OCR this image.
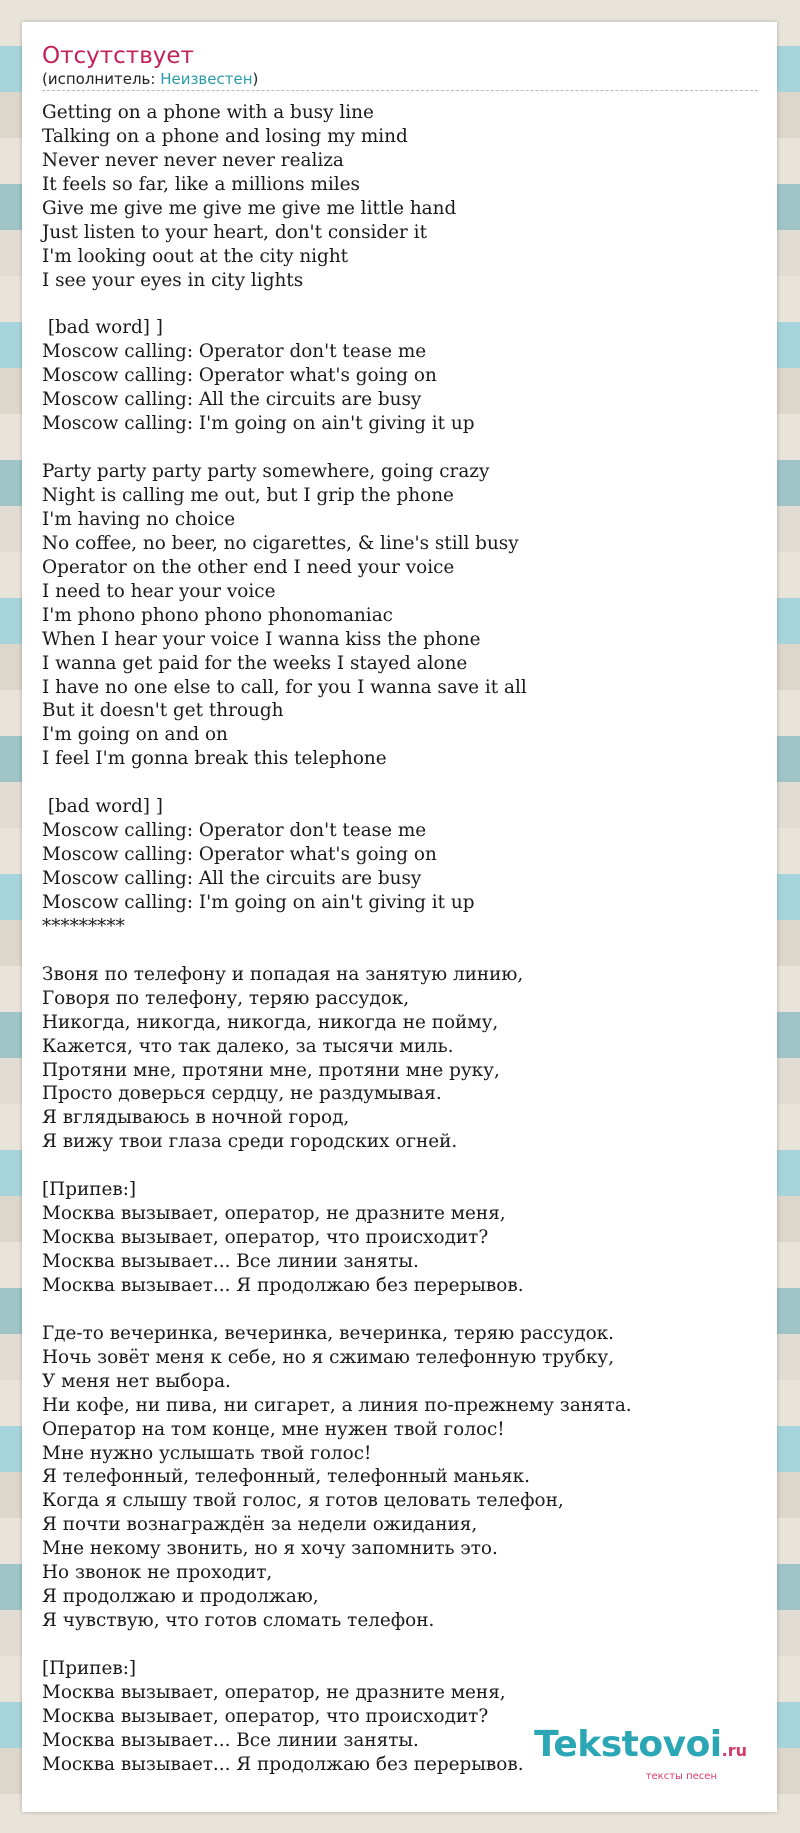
Отсутствует
(исполнитель: Неизвестен)
Getting on a phone with a busy line
Talking on a phone and losing my mind
Never never never never realiza
It feels so far, like a millions miles
Give me give me give me give me little hand
Just listen to your heart, don't consider it
I'm looking oout at the city night
I see your eyes in city lights

[bad word] ]
Moscow calling: Operator don't tease me
Moscow calling: Operator what's going on
Moscow calling: All the circuits are busy
Moscow calling: I'm going on ain't giving it up

Party party party party somewhere, going crazy
Night is calling me out, but I grip the phone
I'm having no choice
No coffee, no beer, no cigarettes, & line's still busy
Operator on the other end I need your voice
I need to hear your voice
I'm phono phono phono phonomaniac
When I hear your voice I wanna kiss the phone
I wanna get paid for the weeks I stayed alone
I have no one else to call, for you I wanna save it all
But it doesn't get through
I'm going on and on
I feel I'm gonna break this telephone

[bad word] ]
Moscow calling: Operator don't tease me
Moscow calling: Operator what's going on
Moscow calling: All the circuits are busy
Moscow calling: I'm going on ain't giving it up
*********

Звоня по телефону и попадая на занятую линию,
Говоря по телефону, теряю рассудок,
Никогда, никогда, никогда, никогда не пойму,
Кажется, что так далеко, за тысячи миль.
Протяни мне, протяни мне, протяни мне руку,
Просто доверься сердцу, не раздумывая.
Я вглядываюсь в ночной город,
Я вижу твои глаза среди городских огней.

[Припев:]
Москва вызывает, оператор, не дразните меня,
Москва вызывает, оператор, что происходит?
Москва вызывает... Все линии заняты.
Москва вызывает... Я продолжаю без перерывов.

Где-то вечеринка, вечеринка, вечеринка, теряю рассудок.
Ночь зовёт меня к себе, но я сжимаю телефонную трубку,
У меня нет выбора.
Ни кофе, ни пива, ни сигарет, а линия по-прежнему занята.
Оператор на том конце, мне нужен твой голос!
Мне нужно услышать твой голос!
Я телефонный, телефонный, телефонный маньяк.
Когда я слышу твой голос, я готов целовать телефон,
Я почти вознаграждён за недели ожидания,
Мне некому звонить, но я хочу запомнить это.
Но звонок не проходит,
Я продолжаю и продолжаю,
Я чувствую, что готов сломать телефон.

[Припев:]
Москва вызывает, оператор, не дразните меня,
Москва вызывает, оператор, что происходит?
Москва вызывает... Все линии заняты.
Москва вызывает... Я продолжаю без перерывов. Tekstovoi.ru
тексты песен
